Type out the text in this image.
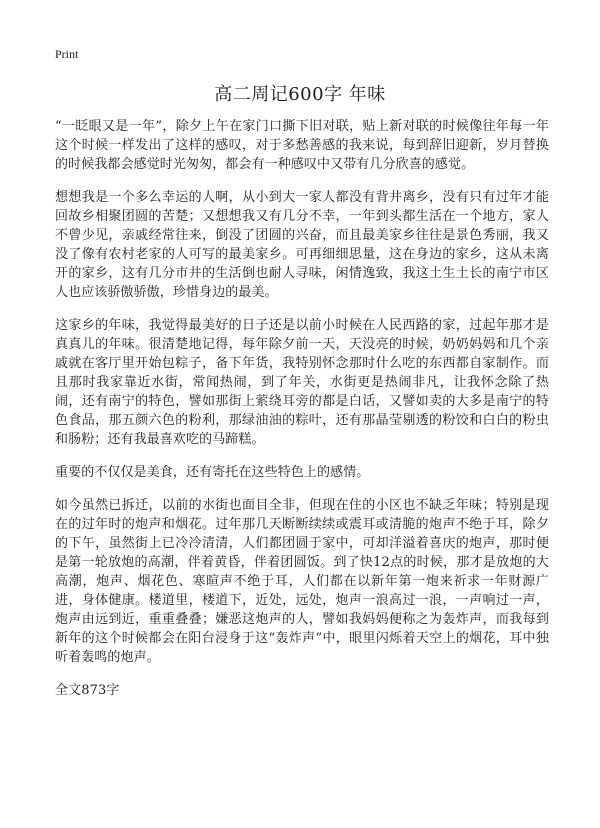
Print
高二周记600字 年味

“一眨眼又是一年”，除夕上午在家门口撕下旧对联，贴上新对联的时候像往年每一年这个时候一样发出了这样的感叹，对于多愁善感的我来说，每到辞旧迎新，岁月替换的时候我都会感觉时光匆匆，都会有一种感叹中又带有几分欣喜的感觉。

想想我是一个多么幸运的人啊，从小到大一家人都没有背井离乡，没有只有过年才能回故乡相聚团圆的苦楚；又想想我又有几分不幸，一年到头都生活在一个地方，家人不曾少见，亲戚经常往来，倒没了团圆的兴奋，而且最美家乡往往是景色秀丽，我又没了像有农村老家的人可写的最美家乡。可再细细思量，这在身边的家乡，这从未离开的家乡，这有几分市井的生活倒也耐人寻味，闲情逸致，我这土生土长的南宁市区人也应该骄傲骄傲，珍惜身边的最美。

这家乡的年味，我觉得最美好的日子还是以前小时候在人民西路的家，过起年那才是真真儿的年味。很清楚地记得，每年除夕前一天，天没亮的时候，奶奶妈妈和几个亲戚就在客厅里开始包粽子，备下年货，我特别怀念那时什么吃的东西都自家制作。而且那时我家靠近水街，常闻热闹，到了年关，水街更是热闹非凡，让我怀念除了热闹，还有南宁的特色，譬如那街上萦绕耳旁的都是白话，又譬如卖的大多是南宁的特色食品，那五颜六色的粉利，那绿油油的粽叶，还有那晶莹剔透的粉饺和白白的粉虫和肠粉；还有我最喜欢吃的马蹄糕。

重要的不仅仅是美食，还有寄托在这些特色上的感情。

如今虽然已拆迁，以前的水街也面目全非，但现在住的小区也不缺乏年味；特别是现在的过年时的炮声和烟花。过年那几天断断续续或震耳或清脆的炮声不绝于耳，除夕的下午，虽然街上已冷冷清清，人们都团圆于家中，可却洋溢着喜庆的炮声，那时便是第一轮放炮的高潮，伴着黄昏，伴着团圆饭。到了快12点的时候，那才是放炮的大高潮，炮声、烟花色、寒暄声不绝于耳，人们都在以新年第一炮来祈求一年财源广进，身体健康。楼道里，楼道下，近处，远处，炮声一浪高过一浪，一声响过一声，炮声由远到近，重重叠叠；嫌恶这炮声的人，譬如我妈妈便称之为轰炸声，而我每到新年的这个时候都会在阳台浸身于这“轰炸声”中，眼里闪烁着天空上的烟花，耳中独听着轰鸣的炮声。

全文873字
